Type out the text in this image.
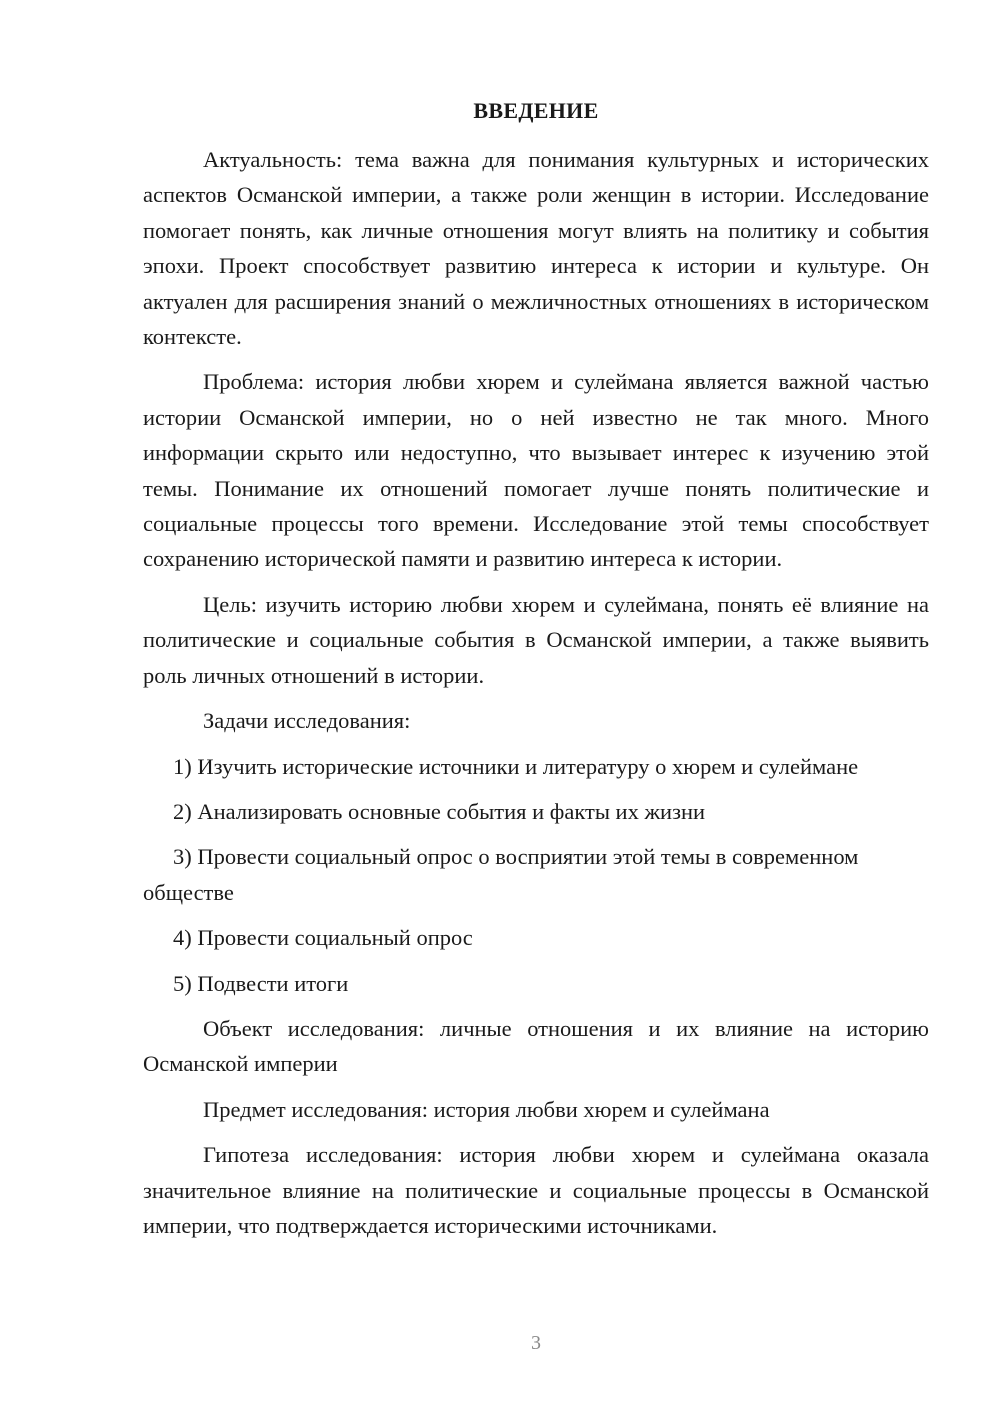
ВВЕДЕНИЕ

Актуальность: тема важна для понимания культурных и исторических аспектов Османской империи, а также роли женщин в истории. Исследование помогает понять, как личные отношения могут влиять на политику и события эпохи. Проект способствует развитию интереса к истории и культуре. Он актуален для расширения знаний о межличностных отношениях в историческом контексте.

Проблема: история любви хюрем и сулеймана является важной частью истории Османской империи, но о ней известно не так много. Много информации скрыто или недоступно, что вызывает интерес к изучению этой темы. Понимание их отношений помогает лучше понять политические и социальные процессы того времени. Исследование этой темы способствует сохранению исторической памяти и развитию интереса к истории.

Цель: изучить историю любви хюрем и сулеймана, понять её влияние на политические и социальные события в Османской империи, а также выявить роль личных отношений в истории.

Задачи исследования:

1) Изучить исторические источники и литературу о хюрем и сулеймане

2) Анализировать основные события и факты их жизни

3) Провести социальный опрос о восприятии этой темы в современном обществе

4) Провести социальный опрос

5) Подвести итоги

Объект исследования: личные отношения и их влияние на историю Османской империи

Предмет исследования: история любви хюрем и сулеймана

Гипотеза исследования: история любви хюрем и сулеймана оказала значительное влияние на политические и социальные процессы в Османской империи, что подтверждается историческими источниками.

3
